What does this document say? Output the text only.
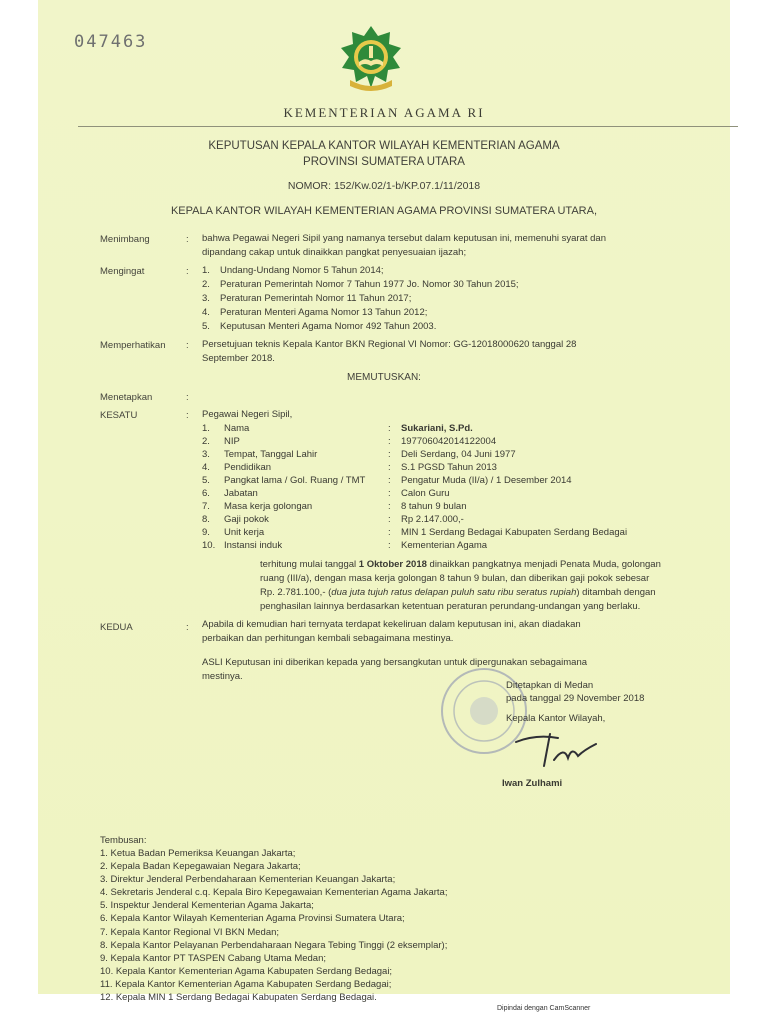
047463
KEMENTERIAN AGAMA RI
KEPUTUSAN KEPALA KANTOR WILAYAH KEMENTERIAN AGAMA
PROVINSI SUMATERA UTARA
NOMOR: 152/Kw.02/1-b/KP.07.1/11/2018
KEPALA KANTOR WILAYAH KEMENTERIAN AGAMA PROVINSI SUMATERA UTARA,
Menimbang	: bahwa Pegawai Negeri Sipil yang namanya tersebut dalam keputusan ini, memenuhi syarat dan
dipandang cakap untuk dinaikkan pangkat penyesuaian ijazah;
Mengingat	: 1. Undang-Undang Nomor 5 Tahun 2014;
2. Peraturan Pemerintah Nomor 7 Tahun 1977 Jo. Nomor 30 Tahun 2015;
3. Peraturan Pemerintah Nomor 11 Tahun 2017;
4. Peraturan Menteri Agama Nomor 13 Tahun 2012;
5. Keputusan Menteri Agama Nomor 492 Tahun 2003.
Memperhatikan : Persetujuan teknis Kepala Kantor BKN Regional VI Nomor: GG-12018000620 tanggal 28
September 2018.
MEMUTUSKAN:
Menetapkan	:
KESATU	: Pegawai Negeri Sipil,
1. Nama	: Sukariani, S.Pd.
2. NIP	: 197706042014122004
3. Tempat, Tanggal Lahir	: Deli Serdang, 04 Juni 1977
4. Pendidikan	: S.1 PGSD Tahun 2013
5. Pangkat lama / Gol. Ruang / TMT : Pengatur Muda (II/a) / 1 Desember 2014
6. Jabatan	: Calon Guru
7. Masa kerja golongan	: 8 tahun 9 bulan
8. Gaji pokok	: Rp 2.147.000,-
9. Unit kerja	: MIN 1 Serdang Bedagai Kabupaten Serdang Bedagai
10. Instansi induk	: Kementerian Agama
terhitung mulai tanggal 1 Oktober 2018 dinaikkan pangkatnya menjadi Penata Muda, golongan
ruang (III/a), dengan masa kerja golongan 8 tahun 9 bulan, dan diberikan gaji pokok sebesar
Rp. 2.781.100,- (dua juta tujuh ratus delapan puluh satu ribu seratus rupiah) ditambah dengan
penghasilan lainnya berdasarkan ketentuan peraturan perundang-undangan yang berlaku.
KEDUA	: Apabila di kemudian hari ternyata terdapat kekeliruan dalam keputusan ini, akan diadakan
perbaikan dan perhitungan kembali sebagaimana mestinya.
ASLI Keputusan ini diberikan kepada yang bersangkutan untuk dipergunakan sebagaimana
mestinya.
Ditetapkan di Medan
pada tanggal 29 November 2018
Kepala Kantor Wilayah,
Iwan Zulhami
Tembusan:
1. Ketua Badan Pemeriksa Keuangan Jakarta;
2. Kepala Badan Kepegawaian Negara Jakarta;
3. Direktur Jenderal Perbendaharaan Kementerian Keuangan Jakarta;
4. Sekretaris Jenderal c.q. Kepala Biro Kepegawaian Kementerian Agama Jakarta;
5. Inspektur Jenderal Kementerian Agama Jakarta;
6. Kepala Kantor Wilayah Kementerian Agama Provinsi Sumatera Utara;
7. Kepala Kantor Regional VI BKN Medan;
8. Kepala Kantor Pelayanan Perbendaharaan Negara Tebing Tinggi (2 eksemplar);
9. Kepala Kantor PT TASPEN Cabang Utama Medan;
10. Kepala Kantor Kementerian Agama Kabupaten Serdang Bedagai;
11. Kepala Kantor Kementerian Agama Kabupaten Serdang Bedagai;
12. Kepala MIN 1 Serdang Bedagai Kabupaten Serdang Bedagai.
Dipindai dengan CamScanner
